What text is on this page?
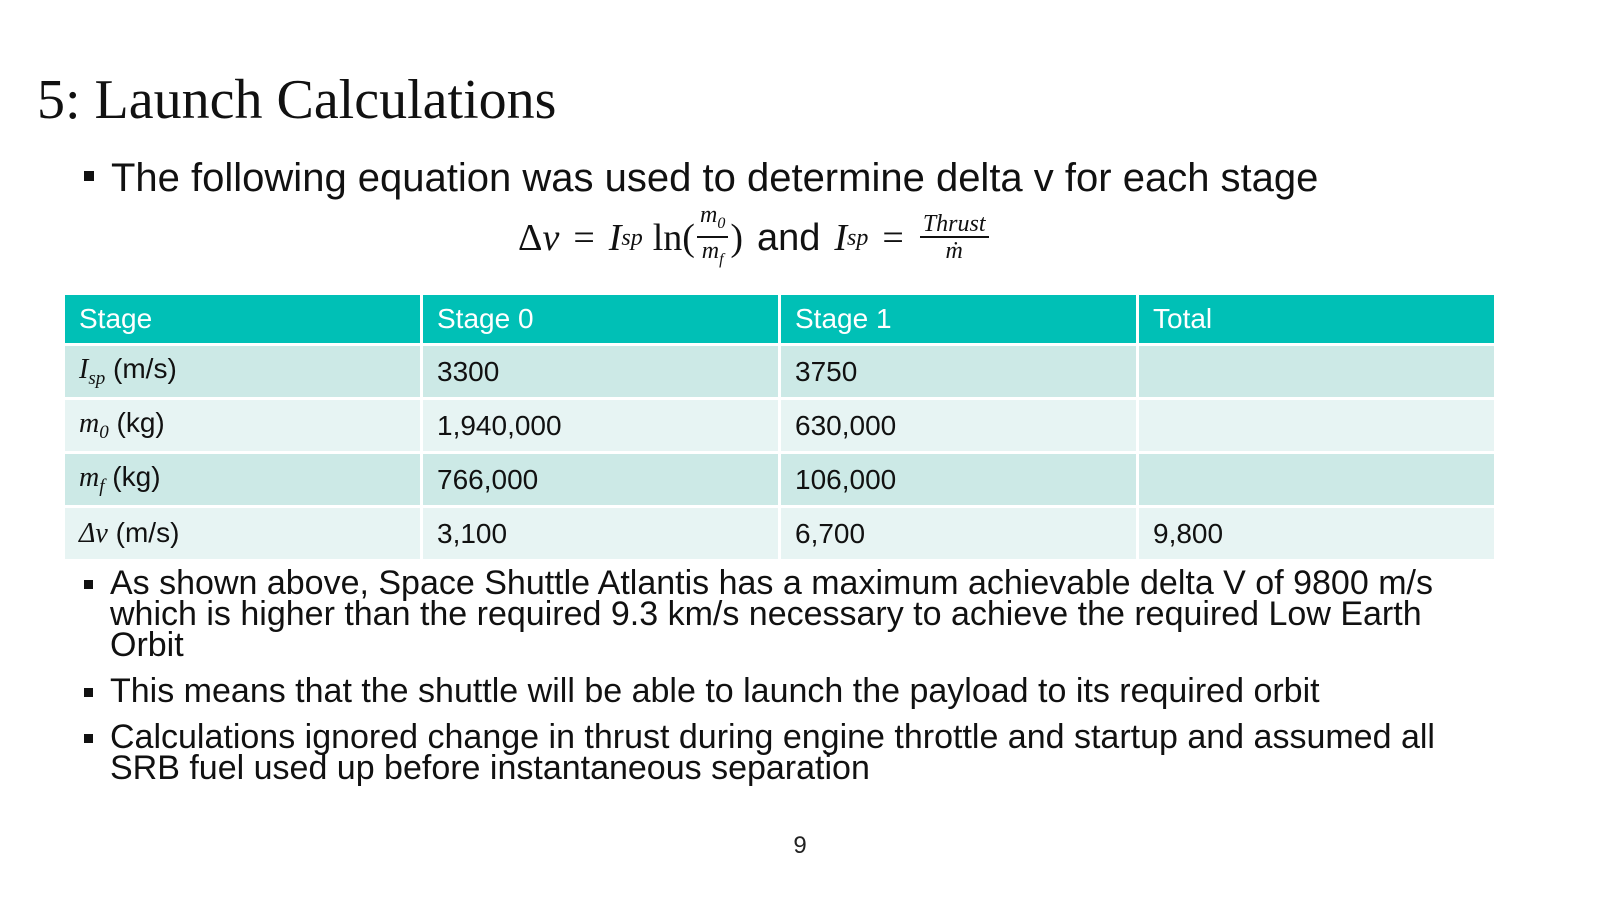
5: Launch Calculations
The following equation was used to determine delta v for each stage
Δ v = I sp $\ln( \frac{m_0}{m_f}$ ) and I sp = $\frac{\text{Thrust}}{\text{ṁ}}$
Stage	Stage 0	Stage 1	Total
$I_{sp}$ (m/s)	3300	3750	
$m_0$ (kg)	1,940,000	630,000	
$m_f$ (kg)	766,000	106,000	
Δv (m/s)	3,100	6,700	9,800
As shown above, Space Shuttle Atlantis has a maximum achievable delta V of 9800 m/s which is higher than the required 9.3 km/s necessary to achieve the required Low Earth Orbit
This means that the shuttle will be able to launch the payload to its required orbit
Calculations ignored change in thrust during engine throttle and startup and assumed all SRB fuel used up before instantaneous separation
9
